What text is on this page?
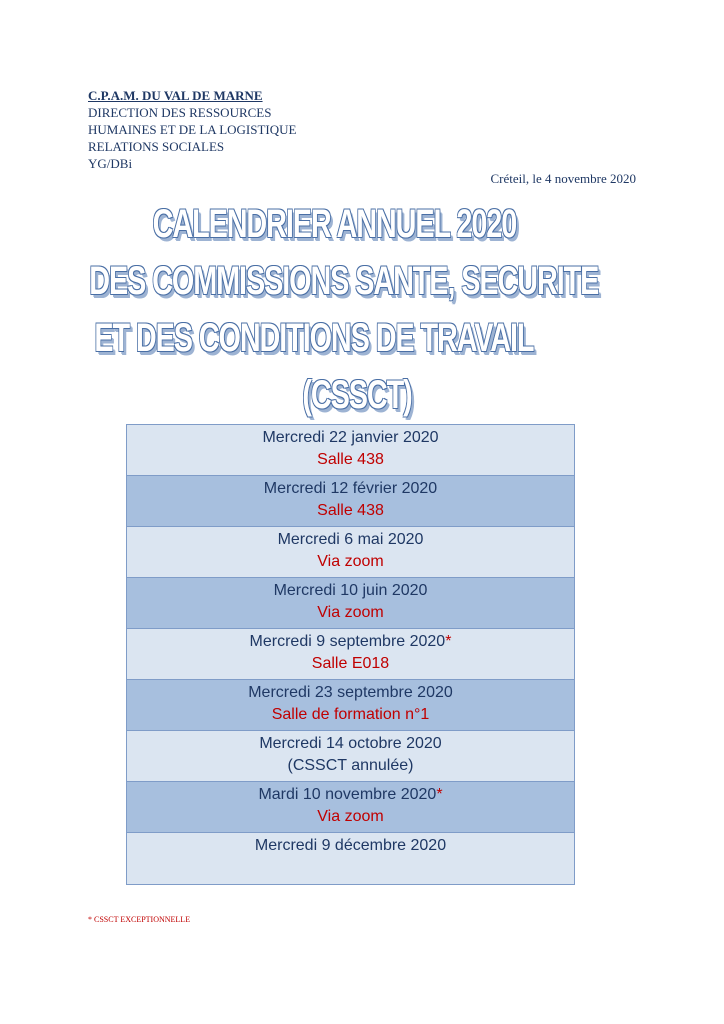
C.P.A.M. DU VAL DE MARNE
DIRECTION DES RESSOURCES
HUMAINES ET DE LA LOGISTIQUE
RELATIONS SOCIALES
YG/DBi
Créteil, le 4 novembre 2020
CALENDRIER ANNUEL 2020
DES COMMISSIONS SANTE, SECURITE
ET DES CONDITIONS DE TRAVAIL
(CSSCT)
Mercredi 22 janvier 2020
Salle 438
Mercredi 12 février 2020
Salle 438
Mercredi 6 mai 2020
Via zoom
Mercredi 10 juin 2020
Via zoom
Mercredi 9 septembre 2020*
Salle E018
Mercredi 23 septembre 2020
Salle de formation n°1
Mercredi 14 octobre 2020
(CSSCT annulée)
Mardi 10 novembre 2020*
Via zoom
Mercredi 9 décembre 2020

* CSSCT EXCEPTIONNELLE
